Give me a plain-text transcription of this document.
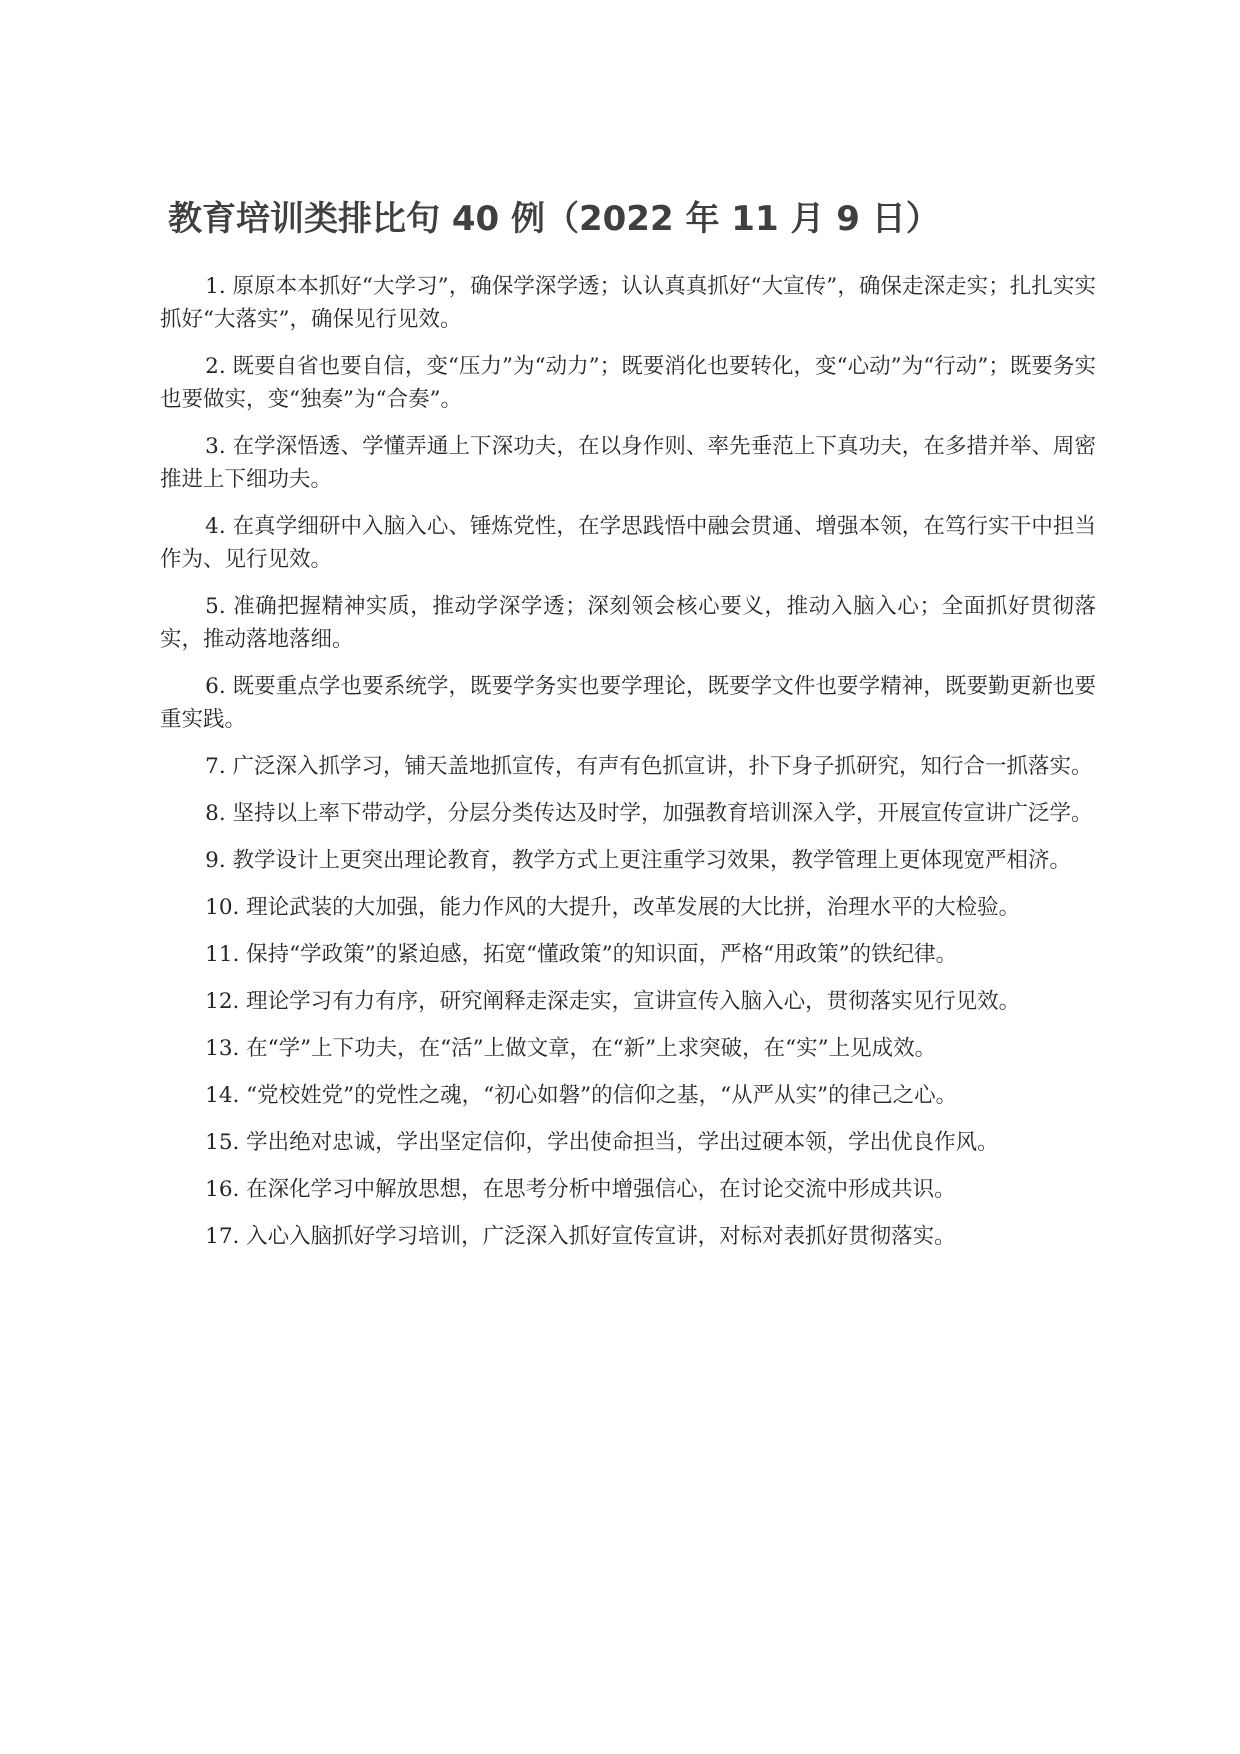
教育培训类排比句 40 例（2022 年 11 月 9 日）

1. 原原本本抓好“大学习”，确保学深学透；认认真真抓好“大宣传”，确保走深走实；扎扎实实抓好“大落实”，确保见行见效。

2. 既要自省也要自信，变“压力”为“动力”；既要消化也要转化，变“心动”为“行动”；既要务实也要做实，变“独奏”为“合奏”。

3. 在学深悟透、学懂弄通上下深功夫，在以身作则、率先垂范上下真功夫，在多措并举、周密推进上下细功夫。

4. 在真学细研中入脑入心、锤炼党性，在学思践悟中融会贯通、增强本领，在笃行实干中担当作为、见行见效。

5. 准确把握精神实质，推动学深学透；深刻领会核心要义，推动入脑入心；全面抓好贯彻落实，推动落地落细。

6. 既要重点学也要系统学，既要学务实也要学理论，既要学文件也要学精神，既要勤更新也要重实践。

7. 广泛深入抓学习，铺天盖地抓宣传，有声有色抓宣讲，扑下身子抓研究，知行合一抓落实。

8. 坚持以上率下带动学，分层分类传达及时学，加强教育培训深入学，开展宣传宣讲广泛学。

9. 教学设计上更突出理论教育，教学方式上更注重学习效果，教学管理上更体现宽严相济。

10. 理论武装的大加强，能力作风的大提升，改革发展的大比拼，治理水平的大检验。

11. 保持“学政策”的紧迫感，拓宽“懂政策”的知识面，严格“用政策”的铁纪律。

12. 理论学习有力有序，研究阐释走深走实，宣讲宣传入脑入心，贯彻落实见行见效。

13. 在“学”上下功夫，在“活”上做文章，在“新”上求突破，在“实”上见成效。

14. “党校姓党”的党性之魂，“初心如磐”的信仰之基，“从严从实”的律己之心。

15. 学出绝对忠诚，学出坚定信仰，学出使命担当，学出过硬本领，学出优良作风。

16. 在深化学习中解放思想，在思考分析中增强信心，在讨论交流中形成共识。

17. 入心入脑抓好学习培训，广泛深入抓好宣传宣讲，对标对表抓好贯彻落实。
